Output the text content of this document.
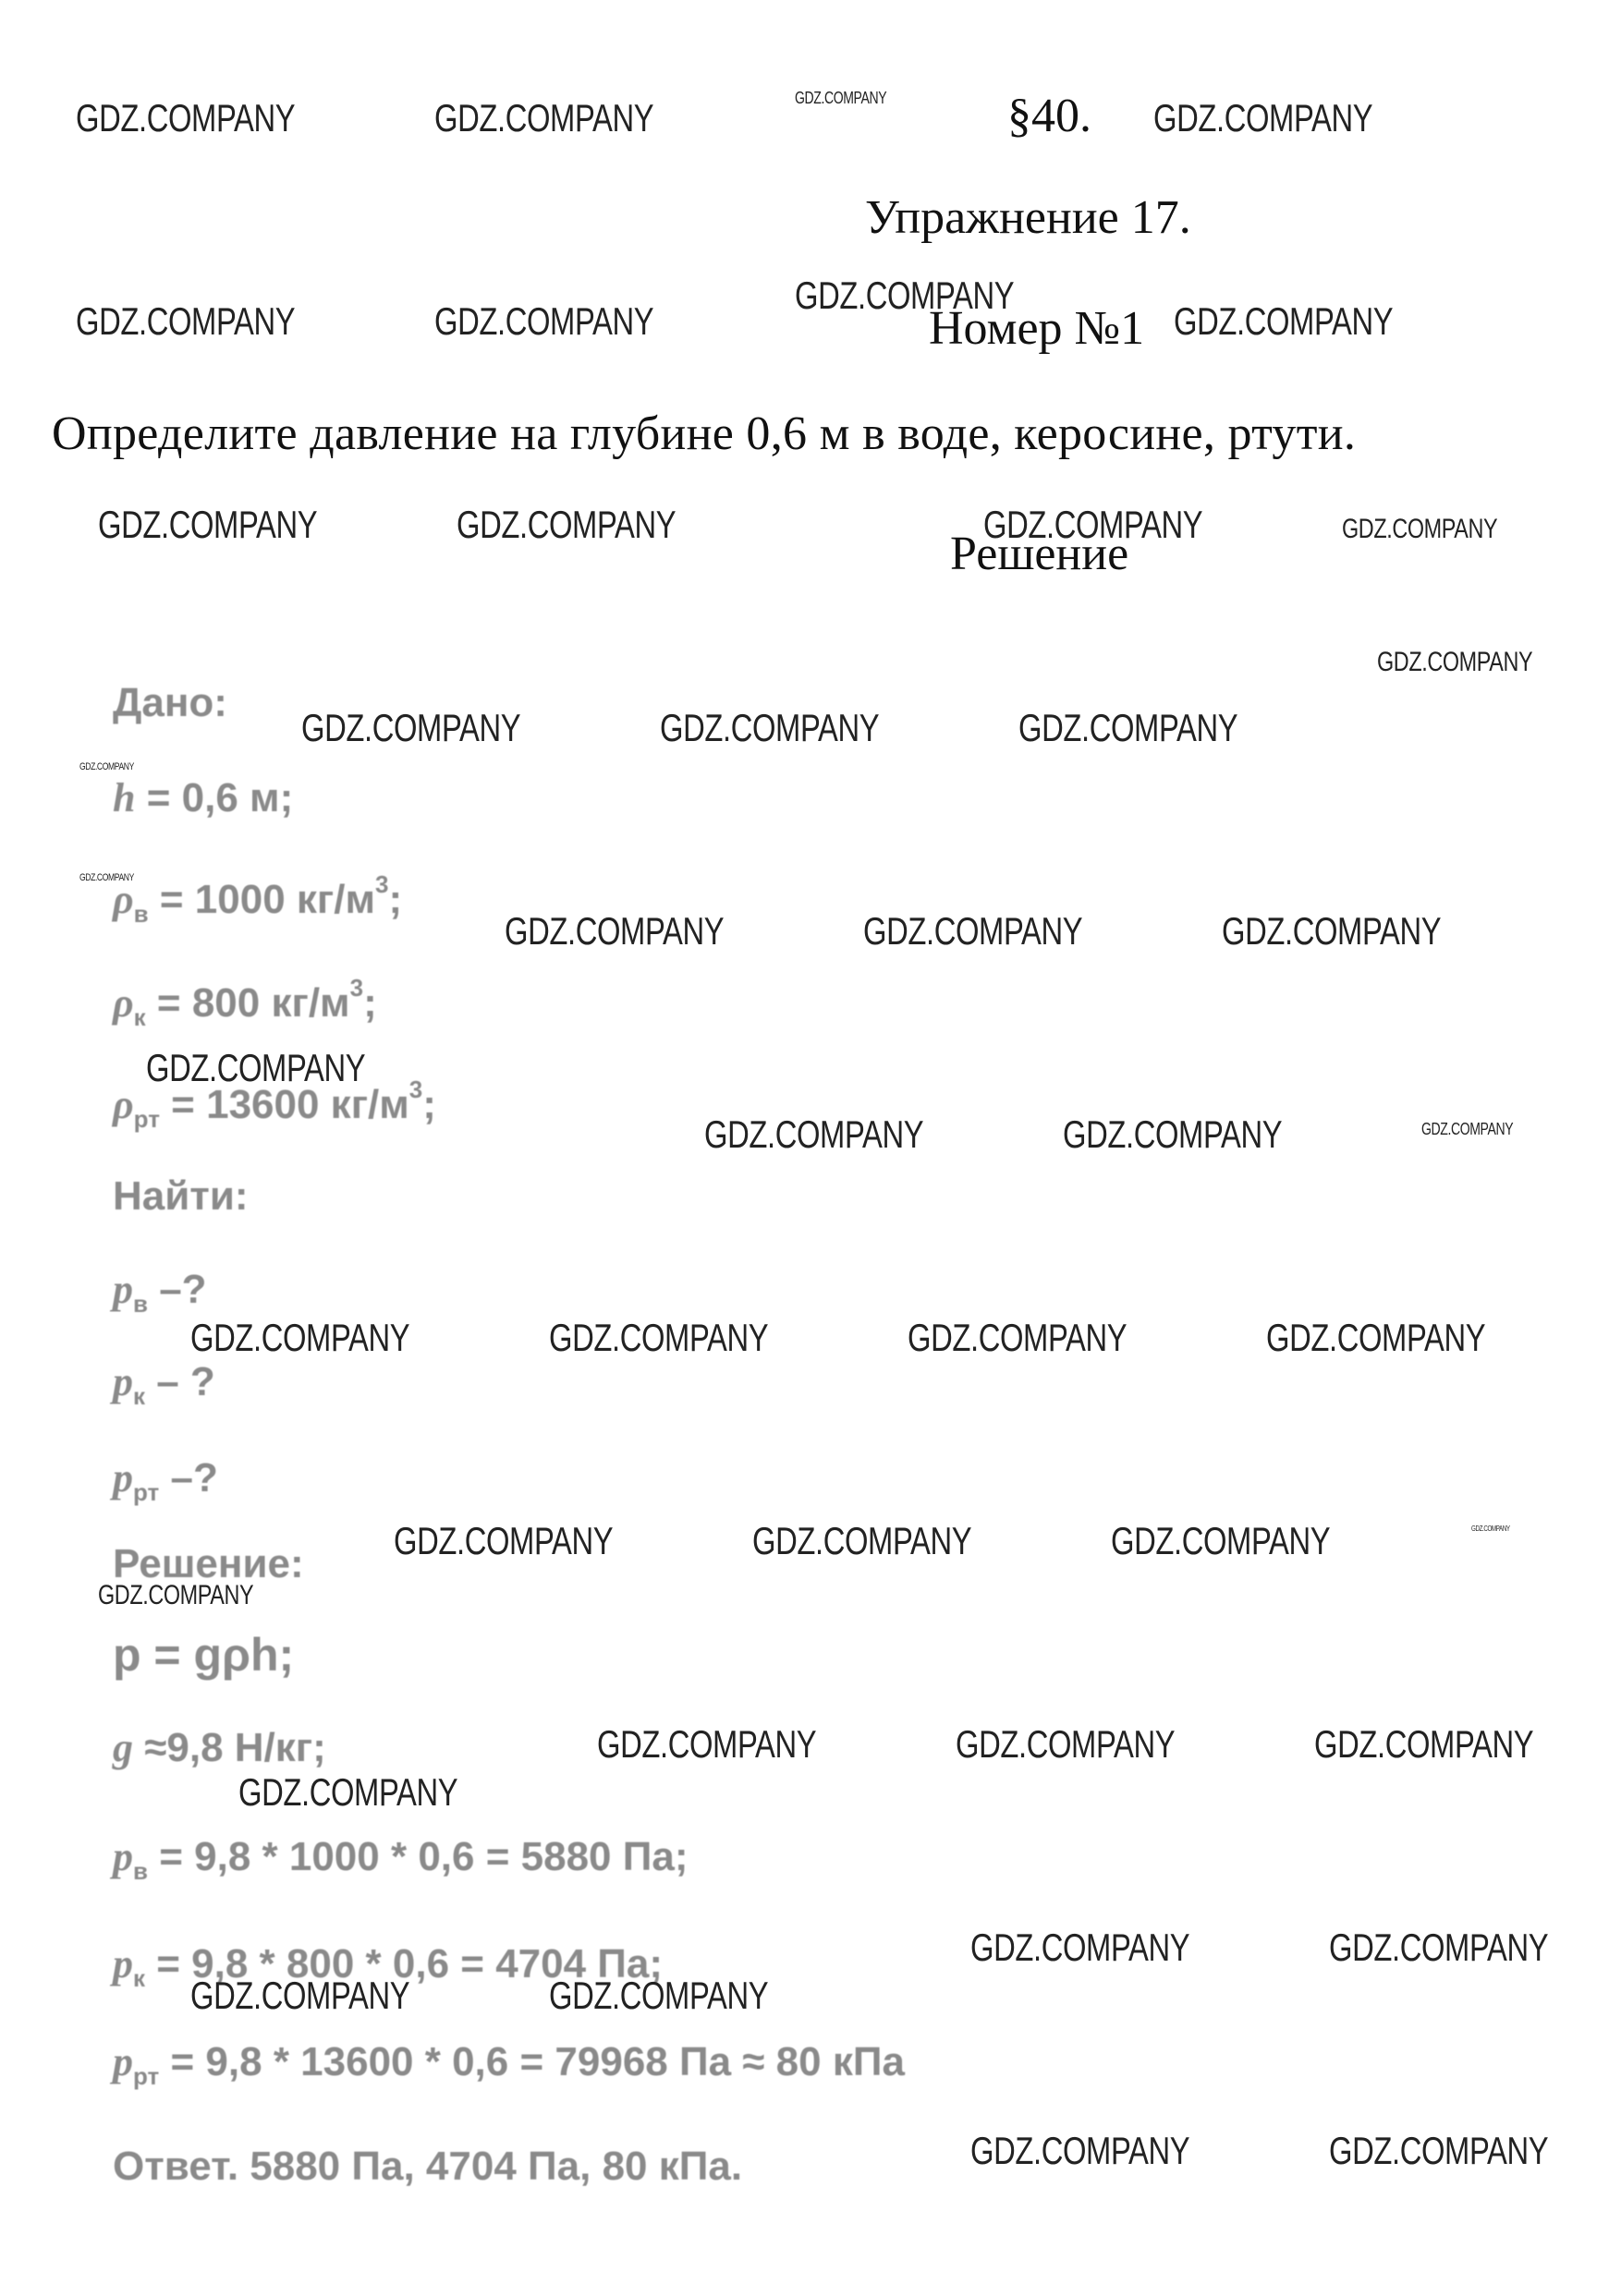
§40.
Упражнение 17.
Номер №1
Определите давление на глубине 0,6 м в воде, керосине, ртути.
Решение
Дано:
h = 0,6 м;
$\rho_в = 1000$ $кг/м^3$;
$\rho_к = 800$ $кг/м^3$;
$\rho_{рт} = 13600$ $кг/м^3$;
Найти:
$p_в$ –?
$p_к$ – ?
$p_{рт}$ –?
Решение:
p = gρh;
g ≈9,8 Н/кг;
$p_в = 9,8 * 1000 * 0,6 = 5880$ Па;
$p_к = 9,8 * 800 * 0,6 = 4704$ Па;
$p_{рт} = 9,8 * 13600 * 0,6 = 79968$ Па ≈ 80 кПа
Ответ. 5880 Па, 4704 Па, 80 кПа.
GDZ.COMPANY	GDZ.COMPANY	GDZ.COMPANY	GDZ.COMPANY
GDZ.COMPANY	GDZ.COMPANY
GDZ.COMPANY
GDZ.COMPANY
GDZ.COMPANY	GDZ.COMPANY	GDZ.COMPANY	GDZ.COMPANY
GDZ.COMPANY
GDZ.COMPANY	GDZ.COMPANY	GDZ.COMPANY
GDZ.COMPANY
GDZ.COMPANY
GDZ.COMPANY	GDZ.COMPANY	GDZ.COMPANY
GDZ.COMPANY
GDZ.COMPANY	GDZ.COMPANY	GDZ.COMPANY
GDZ.COMPANY	GDZ.COMPANY	GDZ.COMPANY	GDZ.COMPANY
GDZ.COMPANY	GDZ.COMPANY	GDZ.COMPANY	GDZ.COMPANY
GDZ.COMPANY
GDZ.COMPANY	GDZ.COMPANY	GDZ.COMPANY
GDZ.COMPANY
GDZ.COMPANY	GDZ.COMPANY
GDZ.COMPANY	GDZ.COMPANY
GDZ.COMPANY	GDZ.COMPANY
